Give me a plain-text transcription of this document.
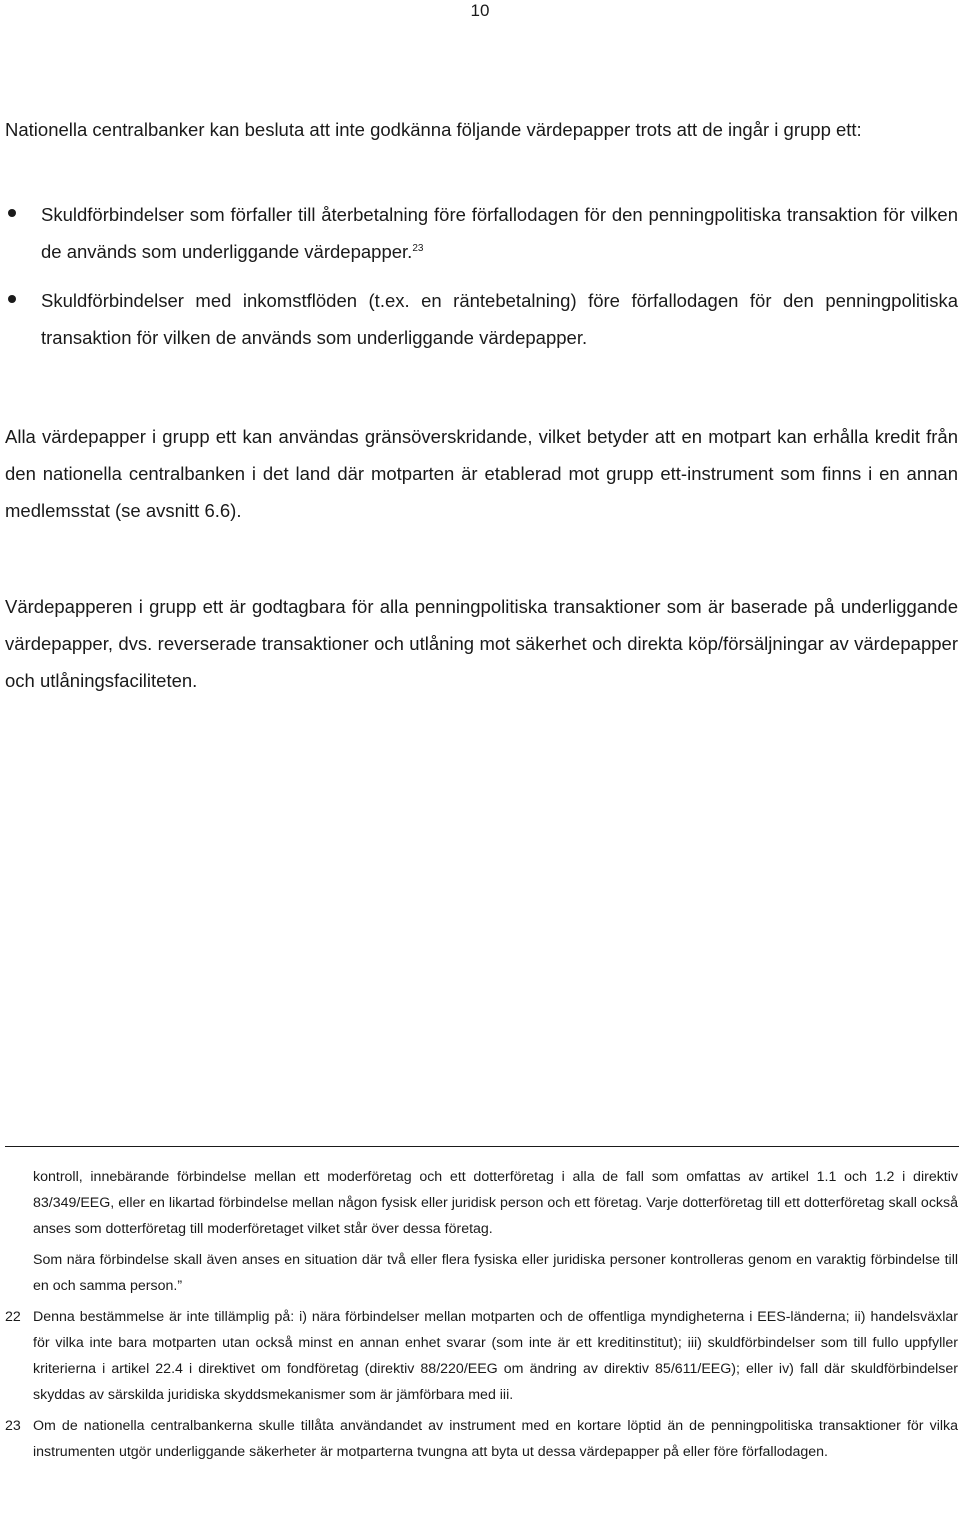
10

Nationella centralbanker kan besluta att inte godkänna följande värdepapper trots att de ingår i grupp ett:

Skuldförbindelser som förfaller till återbetalning före förfallodagen för den penningpolitiska transaktion för vilken de används som underliggande värdepapper.$^{23}$
Skuldförbindelser med inkomstflöden (t.ex. en räntebetalning) före förfallodagen för den penningpolitiska transaktion för vilken de används som underliggande värdepapper.

Alla värdepapper i grupp ett kan användas gränsöverskridande, vilket betyder att en motpart kan erhålla kredit från den nationella centralbanken i det land där motparten är etablerad mot grupp ett-instrument som finns i en annan medlemsstat (se avsnitt 6.6).

Värdepapperen i grupp ett är godtagbara för alla penningpolitiska transaktioner som är baserade på underliggande värdepapper, dvs. reverserade transaktioner och utlåning mot säkerhet och direkta köp/försäljningar av värdepapper och utlåningsfaciliteten.

kontroll, innebärande förbindelse mellan ett moderföretag och ett dotterföretag i alla de fall som omfattas av artikel 1.1 och 1.2 i direktiv 83/349/EEG, eller en likartad förbindelse mellan någon fysisk eller juridisk person och ett företag. Varje dotterföretag till ett dotterföretag skall också anses som dotterföretag till moderföretaget vilket står över dessa företag.

Som nära förbindelse skall även anses en situation där två eller flera fysiska eller juridiska personer kontrolleras genom en varaktig förbindelse till en och samma person.”

22 Denna bestämmelse är inte tillämplig på: i) nära förbindelser mellan motparten och de offentliga myndigheterna i EES-länderna; ii) handelsväxlar för vilka inte bara motparten utan också minst en annan enhet svarar (som inte är ett kreditinstitut); iii) skuldförbindelser som till fullo uppfyller kriterierna i artikel 22.4 i direktivet om fondföretag (direktiv 88/220/EEG om ändring av direktiv 85/611/EEG); eller iv) fall där skuldförbindelser skyddas av särskilda juridiska skyddsmekanismer som är jämförbara med iii.

23 Om de nationella centralbankerna skulle tillåta användandet av instrument med en kortare löptid än de penningpolitiska transaktioner för vilka instrumenten utgör underliggande säkerheter är motparterna tvungna att byta ut dessa värdepapper på eller före förfallodagen.
